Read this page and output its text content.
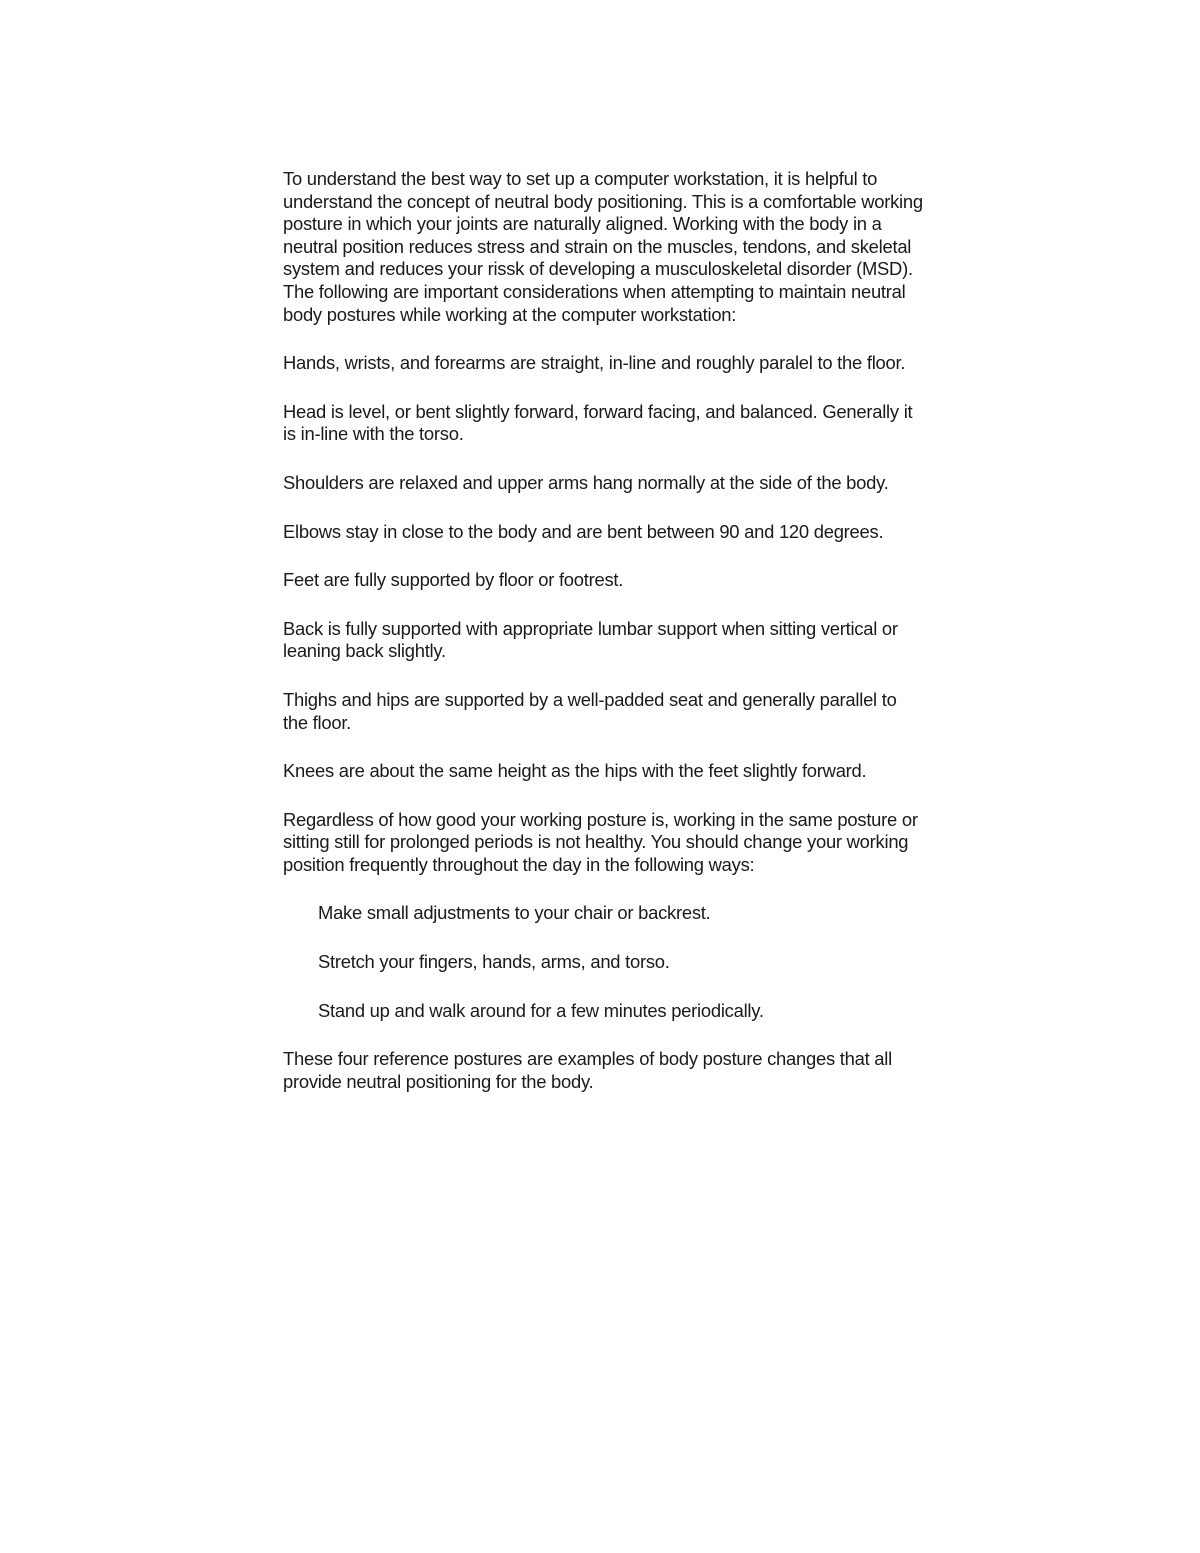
To understand the best way to set up a computer workstation, it is helpful to understand the concept of neutral body positioning. This is a comfortable working posture in which your joints are naturally aligned. Working with the body in a neutral position reduces stress and strain on the muscles, tendons, and skeletal system and reduces your rissk of developing a musculoskeletal disorder (MSD). The following are important considerations when attempting to maintain neutral body postures while working at the computer workstation:

Hands, wrists, and forearms are straight, in-line and roughly paralel to the floor.

Head is level, or bent slightly forward, forward facing, and balanced. Generally it is in-line with the torso.

Shoulders are relaxed and upper arms hang normally at the side of the body.

Elbows stay in close to the body and are bent between 90 and 120 degrees.

Feet are fully supported by floor or footrest.

Back is fully supported with appropriate lumbar support when sitting vertical or leaning back slightly.

Thighs and hips are supported by a well-padded seat and generally parallel to the floor.

Knees are about the same height as the hips with the feet slightly forward.

Regardless of how good your working posture is, working in the same posture or sitting still for prolonged periods is not healthy. You should change your working position frequently throughout the day in the following ways:

Make small adjustments to your chair or backrest.

Stretch your fingers, hands, arms, and torso.

Stand up and walk around for a few minutes periodically.

These four reference postures are examples of body posture changes that all provide neutral positioning for the body.
